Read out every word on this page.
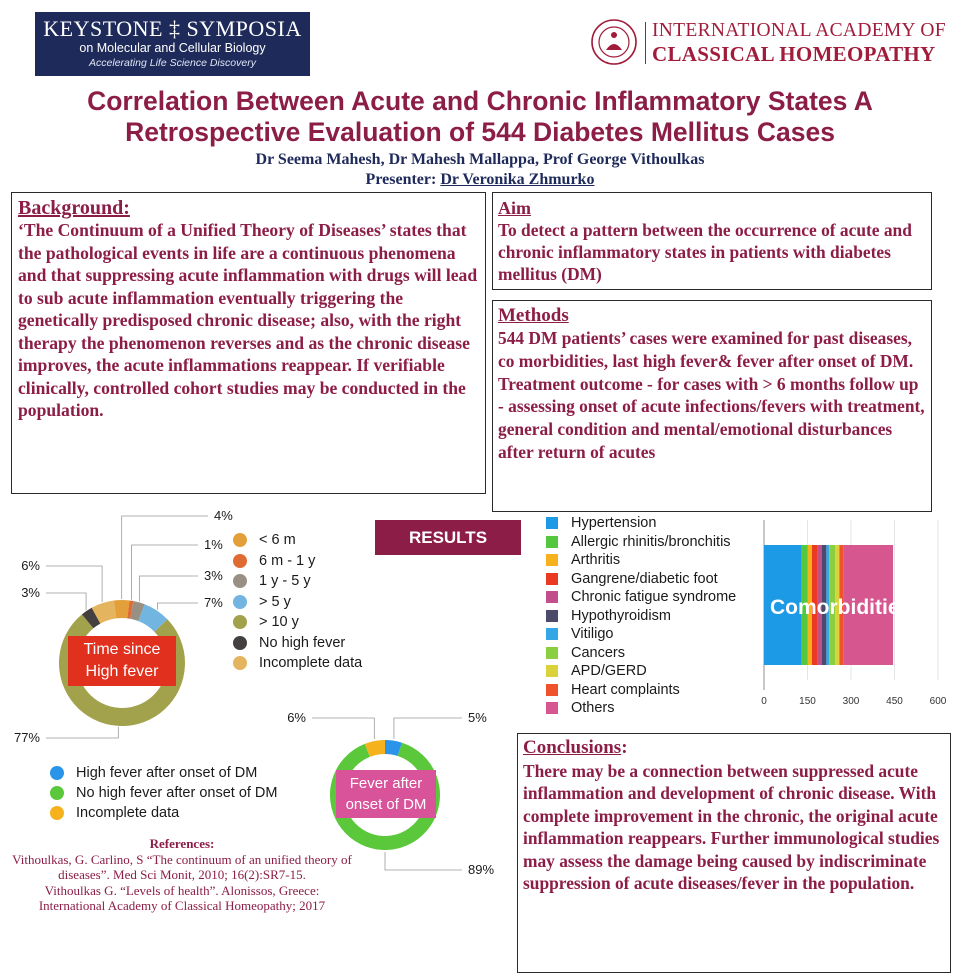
KEYSTONE ‡ SYMPOSIA
on Molecular and Cellular Biology
Accelerating Life Science Discovery
INTERNATIONAL ACADEMY OF
CLASSICAL HOMEOPATHY
Correlation Between Acute and Chronic Inflammatory States A Retrospective Evaluation of 544 Diabetes Mellitus Cases
Dr Seema Mahesh, Dr Mahesh Mallappa, Prof George Vithoulkas
Presenter: Dr Veronika Zhmurko
Background:
‘The Continuum of a Unified Theory of Diseases’ states that the pathological events in life are a continuous phenomena and that suppressing acute inflammation with drugs will lead to sub acute inflammation eventually triggering the genetically predisposed chronic disease; also, with the right therapy the phenomenon reverses and as the chronic disease improves, the acute inflammations reappear. If verifiable clinically, controlled cohort studies may be conducted in the population.
Aim
To detect a pattern between the occurrence of acute and chronic inflammatory states in patients with diabetes mellitus (DM)
Methods
544 DM patients’ cases were examined for past diseases, co morbidities, last high fever& fever after onset of DM.
Treatment outcome - for cases with > 6 months follow up - assessing onset of acute infections/fevers with treatment, general condition and mental/emotional disturbances after return of acutes
RESULTS
4%
1%
3%
7%
77%
3%
6%
Time since
High fever
< 6 m
6 m - 1 y
1 y - 5 y
> 5 y
> 10 y
No high fever
Incomplete data
High fever after onset of DM
No high fever after onset of DM
Incomplete data
5%
89%
6%
Fever after
onset of DM
Hypertension
Allergic rhinitis/bronchitis
Arthritis
Gangrene/diabetic foot
Chronic fatigue syndrome
Hypothyroidism
Vitiligo
Cancers
APD/GERD
Heart complaints
Others	0	150	300	450	600
Comorbidities
References:
Vithoulkas, G. Carlino, S “The continuum of an unified theory of diseases”. Med Sci Monit, 2010; 16(2):SR7-15.
Vithoulkas G. “Levels of health”. Alonissos, Greece: International Academy of Classical Homeopathy; 2017
Conclusions:
There may be a connection between suppressed acute inflammation and development of chronic disease. With complete improvement in the chronic, the original acute inflammation reappears. Further immunological studies may assess the damage being caused by indiscriminate suppression of acute diseases/fever in the population.
